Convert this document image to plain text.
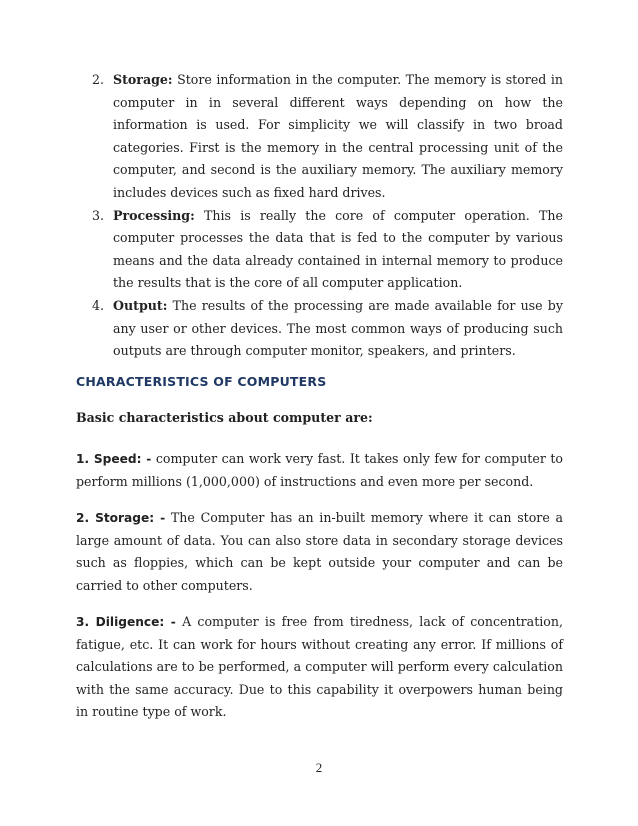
2. Storage: Store information in the computer. The memory is stored in computer in in several different ways depending on how the information is used. For simplicity we will classify in two broad categories. First is the memory in the central processing unit of the computer, and second is the auxiliary memory. The auxiliary memory includes devices such as fixed hard drives.

3. Processing: This is really the core of computer operation. The computer processes the data that is fed to the computer by various means and the data already contained in internal memory to produce the results that is the core of all computer application.

4. Output: The results of the processing are made available for use by any user or other devices. The most common ways of producing such outputs are through computer monitor, speakers, and printers.

CHARACTERISTICS OF COMPUTERS

Basic characteristics about computer are:

1. Speed: - computer can work very fast. It takes only few for computer to perform millions (1,000,000) of instructions and even more per second.

2. Storage: - The Computer has an in-built memory where it can store a large amount of data. You can also store data in secondary storage devices such as floppies, which can be kept outside your computer and can be carried to other computers.

3. Diligence: - A computer is free from tiredness, lack of concentration, fatigue, etc. It can work for hours without creating any error. If millions of calculations are to be performed, a computer will perform every calculation with the same accuracy. Due to this capability it overpowers human being in routine type of work.

2
